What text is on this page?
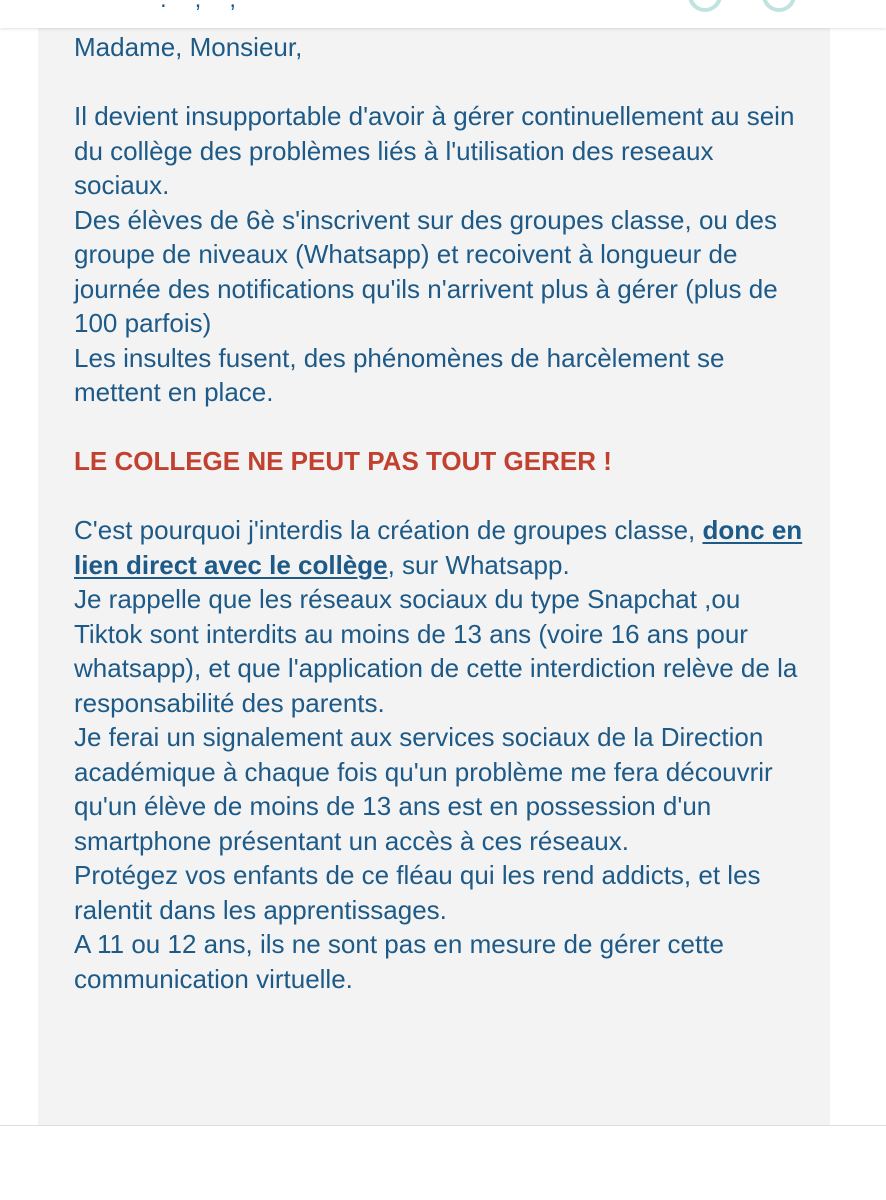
Madame, Monsieur,

Il devient insupportable d'avoir à gérer continuellement au sein du collège des problèmes liés à l'utilisation des reseaux sociaux.

Des élèves de 6è s'inscrivent sur des groupes classe, ou des groupe de niveaux (Whatsapp) et recoivent à longueur de journée des notifications qu'ils n'arrivent plus à gérer (plus de 100 parfois)

Les insultes fusent, des phénomènes de harcèlement se mettent en place.

LE COLLEGE NE PEUT PAS TOUT GERER !

C'est pourquoi j'interdis la création de groupes classe, donc en lien direct avec le collège, sur Whatsapp.

Je rappelle que les réseaux sociaux du type Snapchat ,ou Tiktok sont interdits au moins de 13 ans (voire 16 ans pour whatsapp), et que l'application de cette interdiction relève de la responsabilité des parents.

Je ferai un signalement aux services sociaux de la Direction académique à chaque fois qu'un problème me fera découvrir qu'un élève de moins de 13 ans est en possession d'un smartphone présentant un accès à ces réseaux.

Protégez vos enfants de ce fléau qui les rend addicts, et les ralentit dans les apprentissages.

A 11 ou 12 ans, ils ne sont pas en mesure de gérer cette communication virtuelle.
